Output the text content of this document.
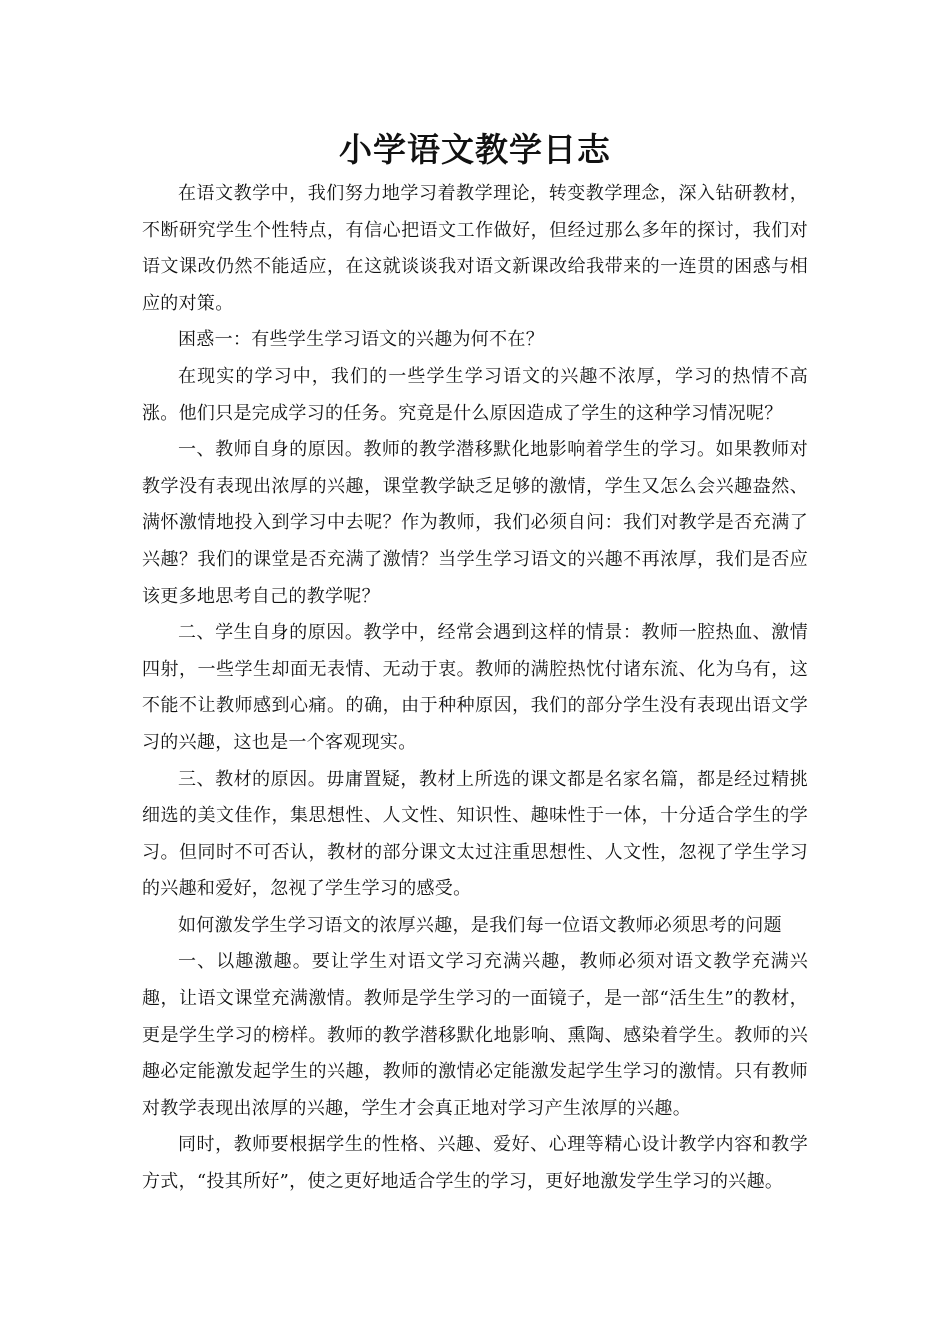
小学语文教学日志

在语文教学中，我们努力地学习着教学理论，转变教学理念，深入钻研教材，不断研究学生个性特点，有信心把语文工作做好，但经过那么多年的探讨，我们对语文课改仍然不能适应，在这就谈谈我对语文新课改给我带来的一连贯的困惑与相应的对策。

困惑一：有些学生学习语文的兴趣为何不在？

在现实的学习中，我们的一些学生学习语文的兴趣不浓厚，学习的热情不高涨。他们只是完成学习的任务。究竟是什么原因造成了学生的这种学习情况呢？

一、教师自身的原因。教师的教学潜移默化地影响着学生的学习。如果教师对教学没有表现出浓厚的兴趣，课堂教学缺乏足够的激情，学生又怎么会兴趣盎然、满怀激情地投入到学习中去呢？作为教师，我们必须自问：我们对教学是否充满了兴趣？我们的课堂是否充满了激情？当学生学习语文的兴趣不再浓厚，我们是否应该更多地思考自己的教学呢？

二、学生自身的原因。教学中，经常会遇到这样的情景：教师一腔热血、激情四射，一些学生却面无表情、无动于衷。教师的满腔热忱付诸东流、化为乌有，这不能不让教师感到心痛。的确，由于种种原因，我们的部分学生没有表现出语文学习的兴趣，这也是一个客观现实。

三、教材的原因。毋庸置疑，教材上所选的课文都是名家名篇，都是经过精挑细选的美文佳作，集思想性、人文性、知识性、趣味性于一体，十分适合学生的学习。但同时不可否认，教材的部分课文太过注重思想性、人文性，忽视了学生学习的兴趣和爱好，忽视了学生学习的感受。

如何激发学生学习语文的浓厚兴趣，是我们每一位语文教师必须思考的问题

一、以趣激趣。要让学生对语文学习充满兴趣，教师必须对语文教学充满兴趣，让语文课堂充满激情。教师是学生学习的一面镜子，是一部“活生生”的教材，更是学生学习的榜样。教师的教学潜移默化地影响、熏陶、感染着学生。教师的兴趣必定能激发起学生的兴趣，教师的激情必定能激发起学生学习的激情。只有教师对教学表现出浓厚的兴趣，学生才会真正地对学习产生浓厚的兴趣。

同时，教师要根据学生的性格、兴趣、爱好、心理等精心设计教学内容和教学方式，“投其所好”，使之更好地适合学生的学习，更好地激发学生学习的兴趣。
